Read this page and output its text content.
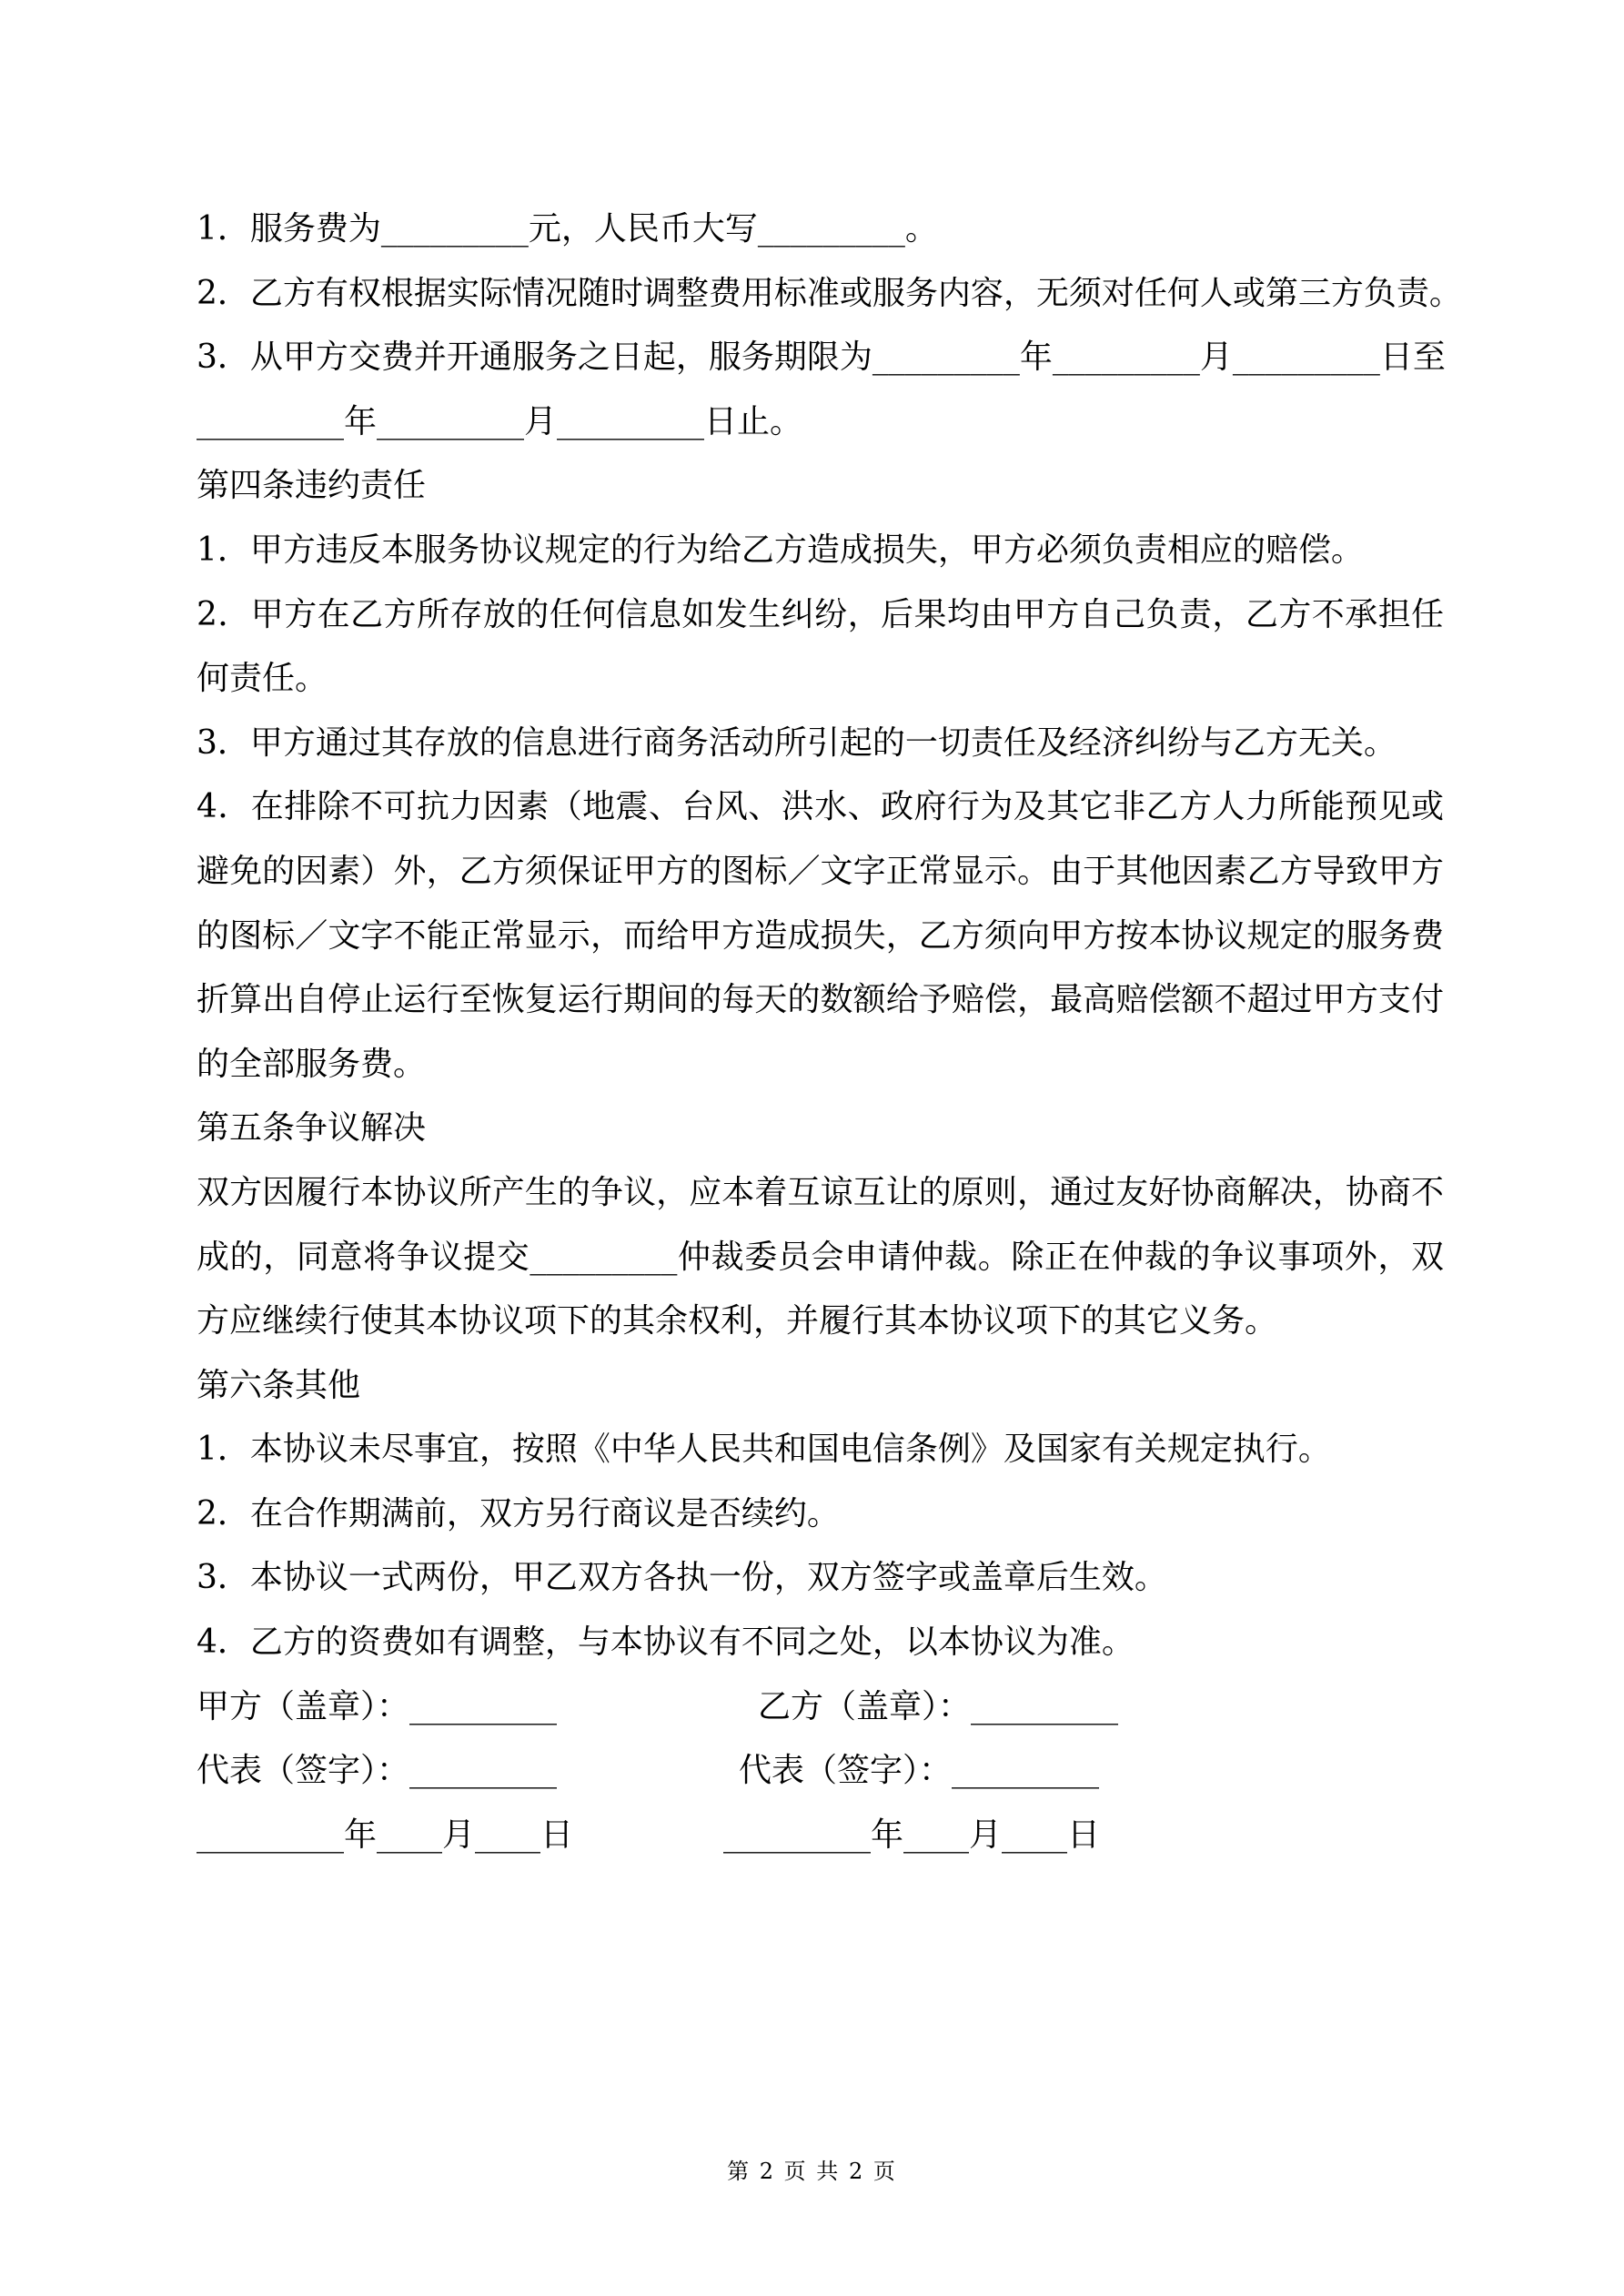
1．服务费为_________元，人民币大写_________。
2．乙方有权根据实际情况随时调整费用标准或服务内容，无须对任何人或第三方负责。
3．从甲方交费并开通服务之日起，服务期限为_________年_________月_________日至
_________年_________月_________日止。
第四条违约责任
1．甲方违反本服务协议规定的行为给乙方造成损失，甲方必须负责相应的赔偿。
2．甲方在乙方所存放的任何信息如发生纠纷，后果均由甲方自己负责，乙方不承担任
何责任。
3．甲方通过其存放的信息进行商务活动所引起的一切责任及经济纠纷与乙方无关。
4．在排除不可抗力因素（地震、台风、洪水、政府行为及其它非乙方人力所能预见或
避免的因素）外，乙方须保证甲方的图标／文字正常显示。由于其他因素乙方导致甲方
的图标／文字不能正常显示，而给甲方造成损失，乙方须向甲方按本协议规定的服务费
折算出自停止运行至恢复运行期间的每天的数额给予赔偿，最高赔偿额不超过甲方支付
的全部服务费。
第五条争议解决
双方因履行本协议所产生的争议，应本着互谅互让的原则，通过友好协商解决，协商不
成的，同意将争议提交_________仲裁委员会申请仲裁。除正在仲裁的争议事项外，双
方应继续行使其本协议项下的其余权利，并履行其本协议项下的其它义务。
第六条其他
1．本协议未尽事宜，按照《中华人民共和国电信条例》及国家有关规定执行。
2．在合作期满前，双方另行商议是否续约。
3．本协议一式两份，甲乙双方各执一份，双方签字或盖章后生效。
4．乙方的资费如有调整，与本协议有不同之处，以本协议为准。
甲方（盖章）：_________	乙方（盖章）：_________
代表（签字）：_________	代表（签字）：_________
_________年____月____日	_________年____月____日
第 2 页 共 2 页
